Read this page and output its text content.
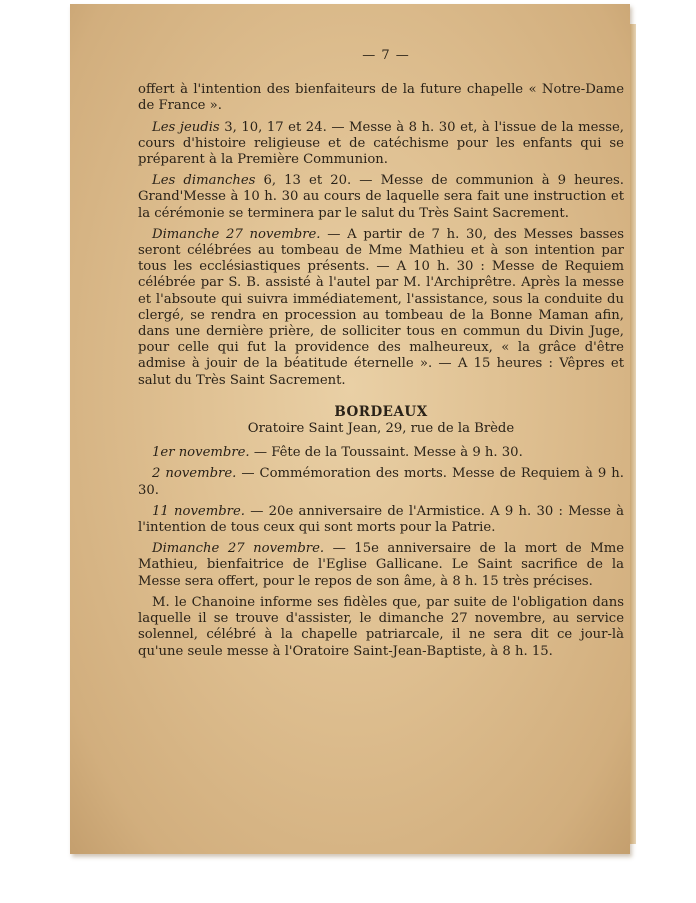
— 7 —

offert à l'intention des bienfaiteurs de la future chapelle « Notre-Dame de France ».

Les jeudis 3, 10, 17 et 24. — Messe à 8 h. 30 et, à l'issue de la messe, cours d'histoire religieuse et de catéchisme pour les enfants qui se préparent à la Première Communion.

Les dimanches 6, 13 et 20. — Messe de communion à 9 heures. Grand'Messe à 10 h. 30 au cours de laquelle sera fait une instruction et la cérémonie se terminera par le salut du Très Saint Sacrement.

Dimanche 27 novembre. — A partir de 7 h. 30, des Messes basses seront célébrées au tombeau de Mme Mathieu et à son intention par tous les ecclésiastiques présents. — A 10 h. 30 : Messe de Requiem célébrée par S. B. assisté à l'autel par M. l'Archiprêtre. Après la messe et l'absoute qui suivra immédiatement, l'assistance, sous la conduite du clergé, se rendra en procession au tombeau de la Bonne Maman afin, dans une dernière prière, de solliciter tous en commun du Divin Juge, pour celle qui fut la providence des malheureux, « la grâce d'être admise à jouir de la béatitude éternelle ». — A 15 heures : Vêpres et salut du Très Saint Sacrement.

BORDEAUX
Oratoire Saint Jean, 29, rue de la Brède

1er novembre. — Fête de la Toussaint. Messe à 9 h. 30.

2 novembre. — Commémoration des morts. Messe de Requiem à 9 h. 30.

11 novembre. — 20e anniversaire de l'Armistice. A 9 h. 30 : Messe à l'intention de tous ceux qui sont morts pour la Patrie.

Dimanche 27 novembre. — 15e anniversaire de la mort de Mme Mathieu, bienfaitrice de l'Eglise Gallicane. Le Saint sacrifice de la Messe sera offert, pour le repos de son âme, à 8 h. 15 très précises.

M. le Chanoine informe ses fidèles que, par suite de l'obligation dans laquelle il se trouve d'assister, le dimanche 27 novembre, au service solennel, célébré à la chapelle patriarcale, il ne sera dit ce jour-là qu'une seule messe à l'Oratoire Saint-Jean-Baptiste, à 8 h. 15.
